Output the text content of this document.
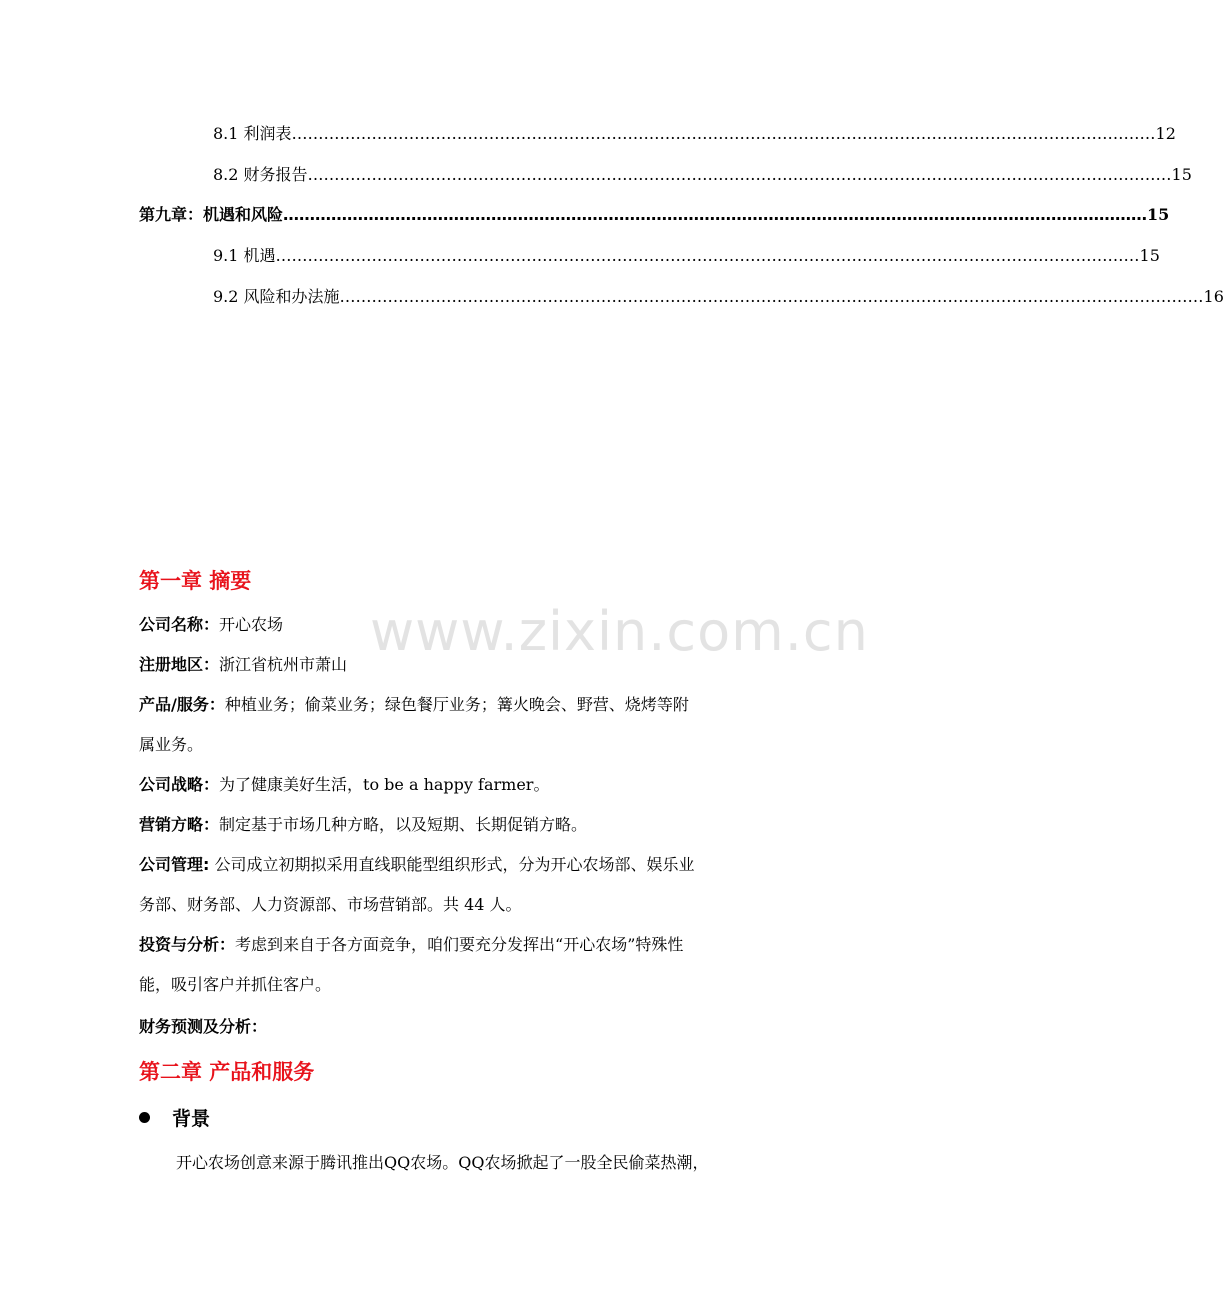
8.1 利润表 ……………………………………………………………………………………………………………………………………………… 12
8.2 财务报告 ……………………………………………………………………………………………………………………………………………… 15
第九章：机遇和风险 ……………………………………………………………………………………………………………………………………………… 15
9.1 机遇 ……………………………………………………………………………………………………………………………………………… 15
9.2 风险和办法施 ……………………………………………………………………………………………………………………………………………… 16
www.zixin.com.cn
第一章 摘要
公司名称：开心农场
注册地区：浙江省杭州市萧山
产品/服务：种植业务；偷菜业务；绿色餐厅业务；篝火晚会、野营、烧烤等附
属业务。
公司战略：为了健康美好生活，to be a happy farmer。
营销方略：制定基于市场几种方略，以及短期、长期促销方略。
公司管理: 公司成立初期拟采用直线职能型组织形式，分为开心农场部、娱乐业
务部、财务部、人力资源部、市场营销部。共 44 人。
投资与分析：考虑到来自于各方面竞争，咱们要充分发挥出“开心农场”特殊性
能，吸引客户并抓住客户。
财务预测及分析：
第二章 产品和服务
背景
开心农场创意来源于腾讯推出QQ农场。QQ农场掀起了一股全民偷菜热潮，
